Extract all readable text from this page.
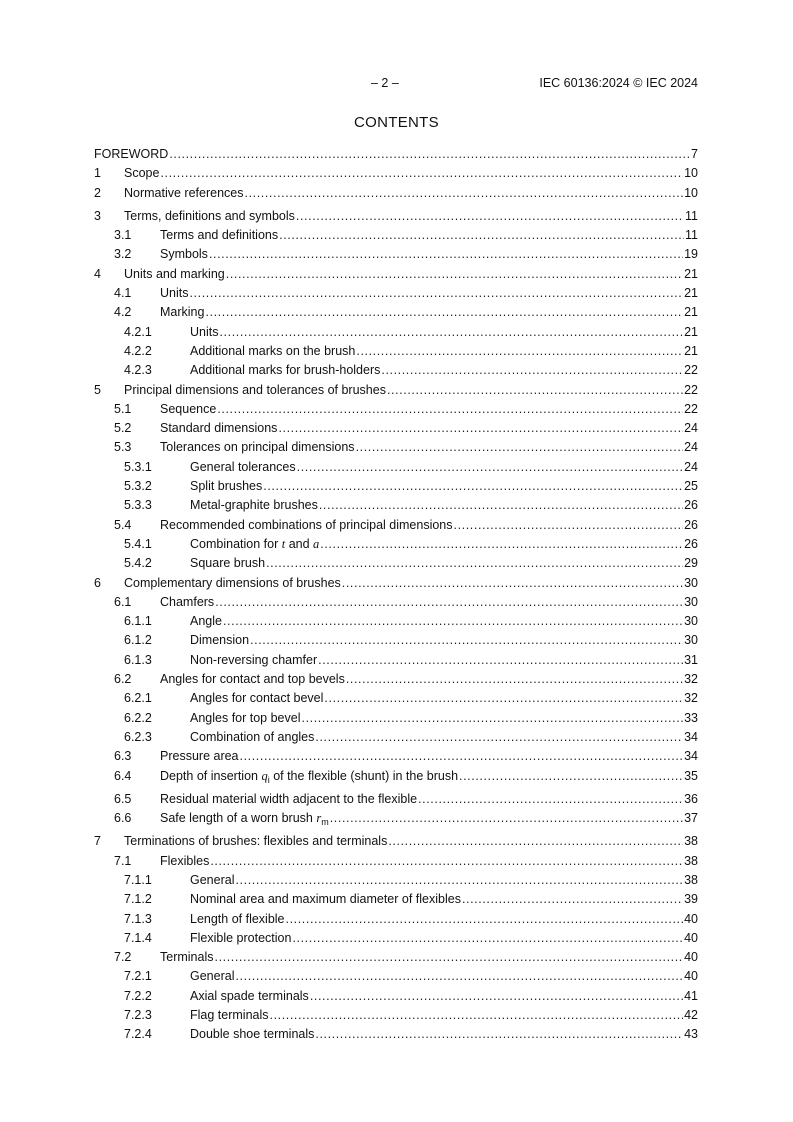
– 2 –	IEC 60136:2024 © IEC 2024
CONTENTS
FOREWORD .....	7
1 Scope .....	10
2 Normative references .....	10
3 Terms, definitions and symbols .....	11
3.1 Terms and definitions .....	11
3.2 Symbols .....	19
4 Units and marking .....	21
4.1 Units .....	21
4.2 Marking .....	21
4.2.1	Units .....	21
4.2.2	Additional marks on the brush .....	21
4.2.3	Additional marks for brush-holders .....	22
5 Principal dimensions and tolerances of brushes .....	22
5.1 Sequence .....	22
5.2 Standard dimensions .....	24
5.3 Tolerances on principal dimensions .....	24
5.3.1	General tolerances .....	24
5.3.2	Split brushes .....	25
5.3.3	Metal-graphite brushes .....	26
5.4 Recommended combinations of principal dimensions .....	26
5.4.1	Combination for t and a .....	26
5.4.2	Square brush .....	29
6 Complementary dimensions of brushes .....	30
6.1 Chamfers .....	30
6.1.1	Angle .....	30
6.1.2	Dimension .....	30
6.1.3	Non-reversing chamfer .....	31
6.2 Angles for contact and top bevels .....	32
6.2.1	Angles for contact bevel .....	32
6.2.2	Angles for top bevel .....	33
6.2.3	Combination of angles .....	34
6.3 Pressure area .....	34
6.4 Depth of insertion $q_i$ of the flexible (shunt) in the brush .....	35
6.5 Residual material width adjacent to the flexible .....	36
6.6 Safe length of a worn brush $r_m$ .....	37
7 Terminations of brushes: flexibles and terminals .....	38
7.1 Flexibles .....	38
7.1.1	General .....	38
7.1.2	Nominal area and maximum diameter of flexibles .....	39
7.1.3	Length of flexible .....	40
7.1.4	Flexible protection .....	40
7.2 Terminals .....	40
7.2.1	General .....	40
7.2.2	Axial spade terminals .....	41
7.2.3	Flag terminals .....	42
7.2.4	Double shoe terminals .....	43
